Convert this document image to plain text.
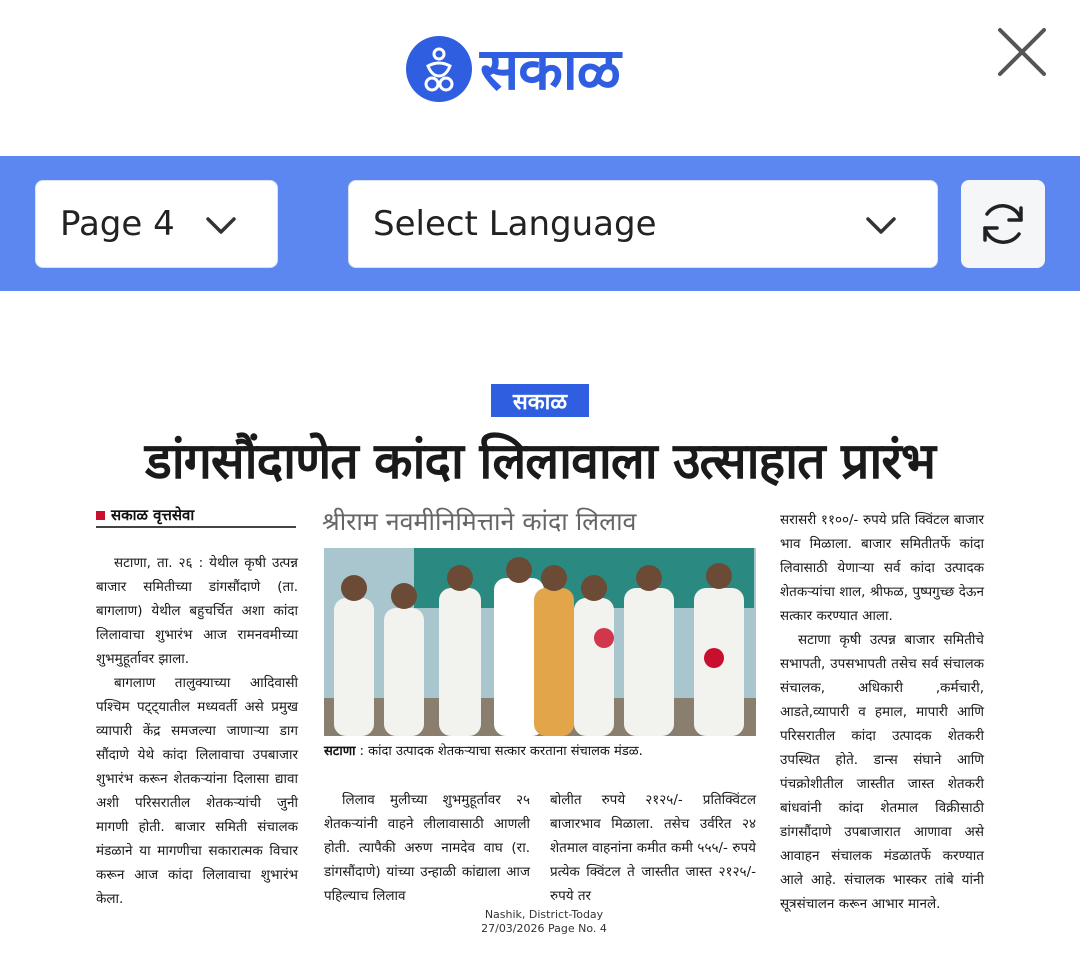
सकाळ
Page 4	Select Language
सकाळ
डांगसौंदाणेत कांदा लिलावाला उत्साहात प्रारंभ
सकाळ वृत्तसेवा

सटाणा, ता. २६ : येथील कृषी उत्पन्न बाजार समितीच्या डांगसौंदाणे (ता. बागलाण) येथील बहुचर्चित अशा कांदा लिलावाचा शुभारंभ आज रामनवमीच्या शुभमुहूर्तावर झाला.

बागलाण तालुक्याच्या आदिवासी पश्चिम पट्ट्यातील मध्यवर्ती असे प्रमुख व्यापारी केंद्र समजल्या जाणाऱ्या डाग सौंदाणे येथे कांदा लिलावाचा उपबाजार शुभारंभ करून शेतकऱ्यांना दिलासा द्यावा अशी परिसरातील शेतकऱ्यांची जुनी मागणी होती. बाजार समिती संचालक मंडळाने या मागणीचा सकारात्मक विचार करून आज कांदा लिलावाचा शुभारंभ केला.

श्रीराम नवमीनिमित्ताने कांदा लिलाव
सटाणा : कांदा उत्पादक शेतकऱ्याचा सत्कार करताना संचालक मंडळ.

लिलाव मुलीच्या शुभमुहूर्तावर २५ शेतकऱ्यांनी वाहने लीलावासाठी आणली होती. त्यापैकी अरुण नामदेव वाघ (रा. डांगसौंदाणे) यांच्या उन्हाळी कांद्याला आज पहिल्याच लिलाव

बोलीत रुपये २१२५/- प्रतिक्विंटल बाजारभाव मिळाला. तसेच उर्वरित २४ शेतमाल वाहनांना कमीत कमी ५५५/- रुपये प्रत्येक क्विंटल ते जास्तीत जास्त २१२५/-रुपये तर

सरासरी ११००/- रुपये प्रति क्विंटल बाजार भाव मिळाला. बाजार समितीतर्फे कांदा लिवासाठी येणाऱ्या सर्व कांदा उत्पादक शेतकऱ्यांचा शाल, श्रीफळ, पुष्पगुच्छ देऊन सत्कार करण्यात आला.

सटाणा कृषी उत्पन्न बाजार समितीचे सभापती, उपसभापती तसेच सर्व संचालक संचालक, अधिकारी ,कर्मचारी, आडते,व्यापारी व हमाल, मापारी आणि परिसरातील कांदा उत्पादक शेतकरी उपस्थित होते. डान्स संघाने आणि पंचक्रोशीतील जास्तीत जास्त शेतकरी बांधवांनी कांदा शेतमाल विक्रीसाठी डांगसौंदाणे उपबाजारात आणावा असे आवाहन संचालक मंडळातर्फे करण्यात आले आहे. संचालक भास्कर तांबे यांनी सूत्रसंचालन करून आभार मानले.

Nashik, District-Today
27/03/2026 Page No. 4
